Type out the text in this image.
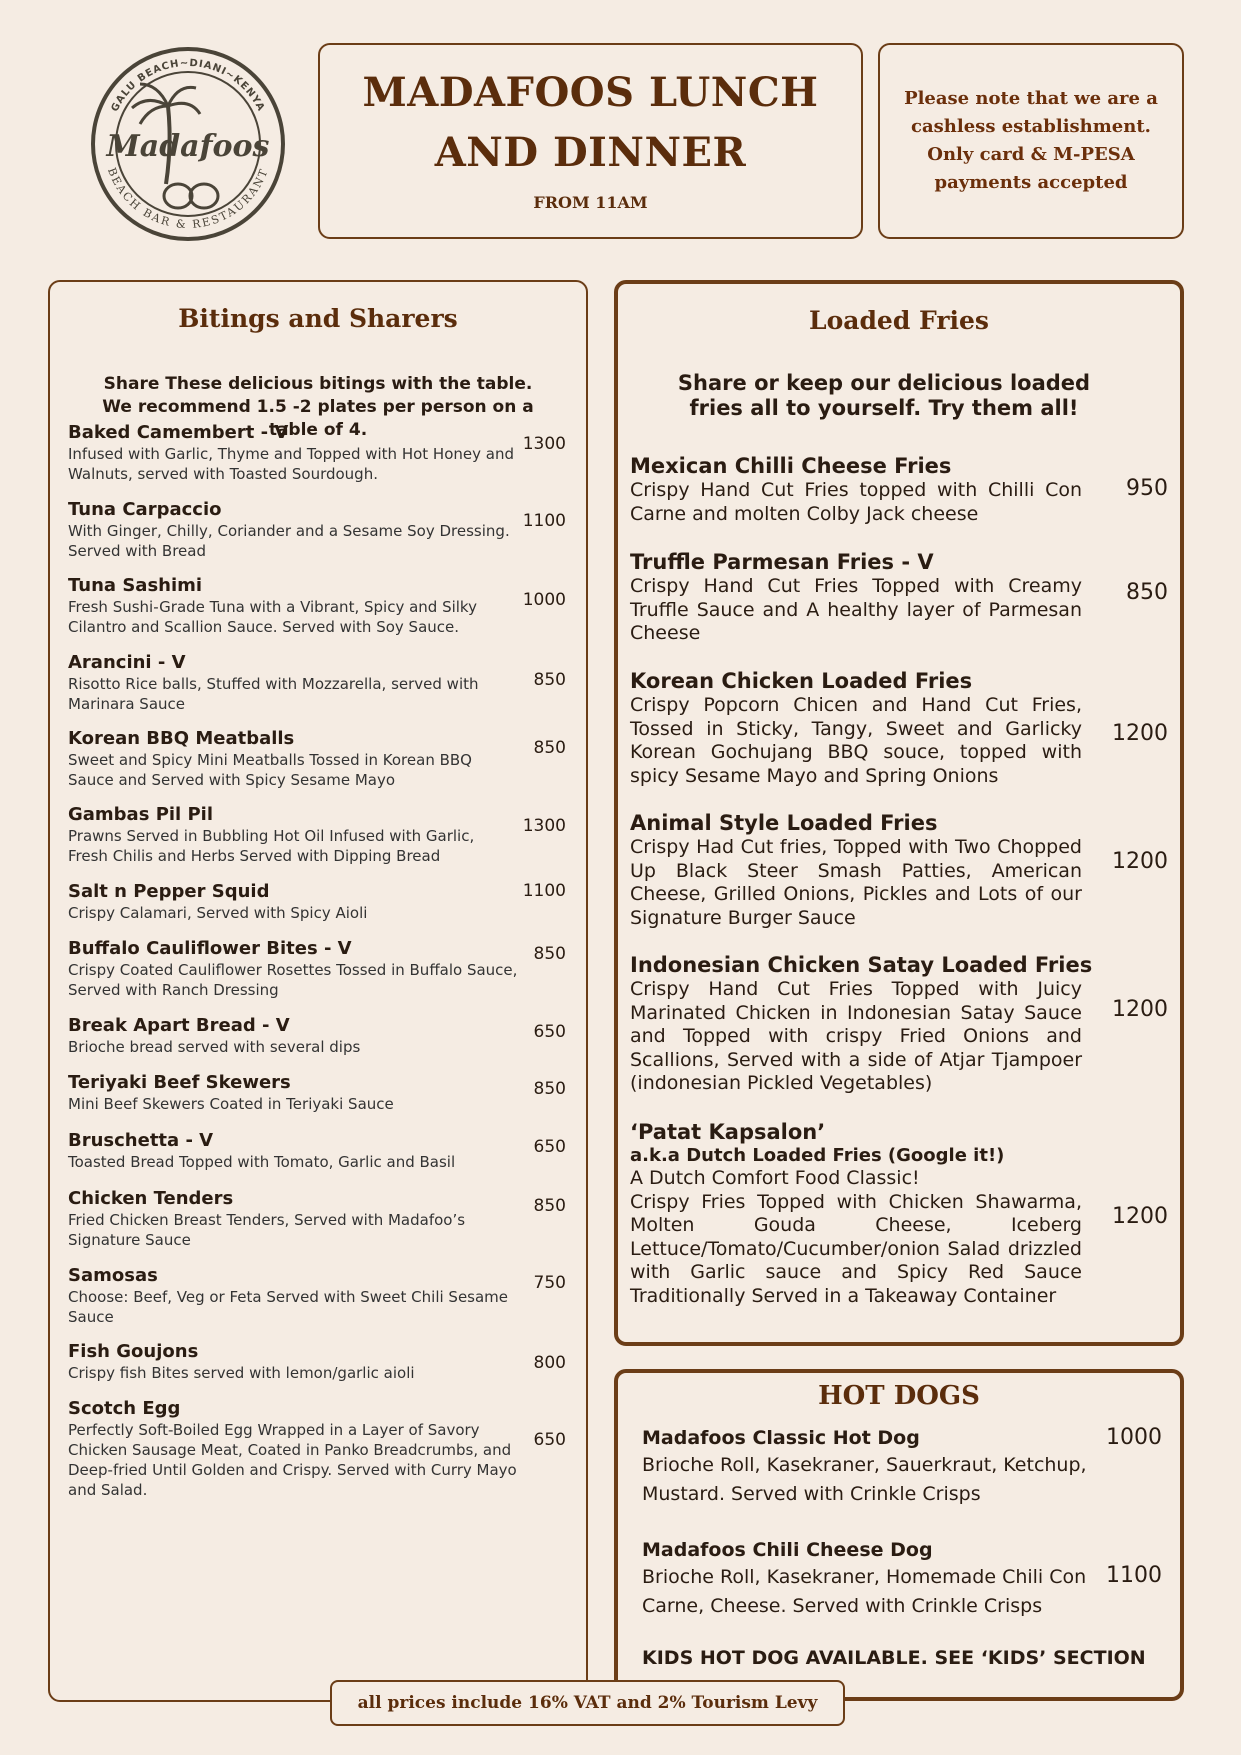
GALU BEACH~DIANI~KENYA
BEACH BAR & RESTAURANT
Madafoos
MADAFOOS LUNCH
AND DINNER
FROM 11AM
Please note that we are a cashless establishment. Only card & M-PESA payments accepted
Bitings and Sharers
Share These delicious bitings with the table. We recommend 1.5 -2 plates per person on a table of 4.
Baked Camembert - V
Infused with Garlic, Thyme and Topped with Hot Honey and Walnuts, served with Toasted Sourdough.
1300
Tuna Carpaccio
With Ginger, Chilly, Coriander and a Sesame Soy Dressing. Served with Bread
1100
Tuna Sashimi
Fresh Sushi-Grade Tuna with a Vibrant, Spicy and Silky Cilantro and Scallion Sauce. Served with Soy Sauce.
1000
Arancini - V
Risotto Rice balls, Stuffed with Mozzarella, served with Marinara Sauce
850
Korean BBQ Meatballs
Sweet and Spicy Mini Meatballs Tossed in Korean BBQ Sauce and Served with Spicy Sesame Mayo
850
Gambas Pil Pil
Prawns Served in Bubbling Hot Oil Infused with Garlic, Fresh Chilis and Herbs Served with Dipping Bread
1300
Salt n Pepper Squid
Crispy Calamari, Served with Spicy Aioli
1100
Buffalo Cauliflower Bites - V
Crispy Coated Cauliflower Rosettes Tossed in Buffalo Sauce, Served with Ranch Dressing
850
Break Apart Bread - V
Brioche bread served with several dips
650
Teriyaki Beef Skewers
Mini Beef Skewers Coated in Teriyaki Sauce
850
Bruschetta - V
Toasted Bread Topped with Tomato, Garlic and Basil
650
Chicken Tenders
Fried Chicken Breast Tenders, Served with Madafoo’s Signature Sauce
850
Samosas
Choose: Beef, Veg or Feta Served with Sweet Chili Sesame Sauce
750
Fish Goujons
Crispy fish Bites served with lemon/garlic aioli	800
Scotch Egg
Perfectly Soft-Boiled Egg Wrapped in a Layer of Savory Chicken Sausage Meat, Coated in Panko Breadcrumbs, and Deep-fried Until Golden and Crispy. Served with Curry Mayo and Salad.
650
Loaded Fries
Share or keep our delicious loaded fries all to yourself. Try them all!
Mexican Chilli Cheese Fries
Crispy Hand Cut Fries topped with Chilli Con Carne and molten Colby Jack cheese
950
Truffle Parmesan Fries - V
Crispy Hand Cut Fries Topped with Creamy Truffle Sauce and A healthy layer of Parmesan Cheese
850
Korean Chicken Loaded Fries
Crispy Popcorn Chicen and Hand Cut Fries, Tossed in Sticky, Tangy, Sweet and Garlicky Korean Gochujang BBQ souce, topped with spicy Sesame Mayo and Spring Onions
1200
Animal Style Loaded Fries
Crispy Had Cut fries, Topped with Two Chopped Up Black Steer Smash Patties, American Cheese, Grilled Onions, Pickles and Lots of our Signature Burger Sauce
1200
Indonesian Chicken Satay Loaded Fries
Crispy Hand Cut Fries Topped with Juicy Marinated Chicken in Indonesian Satay Sauce and Topped with crispy Fried Onions and Scallions, Served with a side of Atjar Tjampoer (indonesian Pickled Vegetables)
1200
‘Patat Kapsalon’
a.k.a Dutch Loaded Fries (Google it!)
A Dutch Comfort Food Classic!
Crispy Fries Topped with Chicken Shawarma, Molten Gouda Cheese, Iceberg Lettuce/Tomato/Cucumber/onion Salad drizzled with Garlic sauce and Spicy Red Sauce Traditionally Served in a Takeaway Container
1200
HOT DOGS
Madafoos Classic Hot Dog
Brioche Roll, Kasekraner, Sauerkraut, Ketchup, Mustard. Served with Crinkle Crisps
1000
Madafoos Chili Cheese Dog
Brioche Roll, Kasekraner, Homemade Chili Con Carne, Cheese. Served with Crinkle Crisps
1100
KIDS HOT DOG AVAILABLE. SEE ‘KIDS’ SECTION
all prices include 16% VAT and 2% Tourism Levy
